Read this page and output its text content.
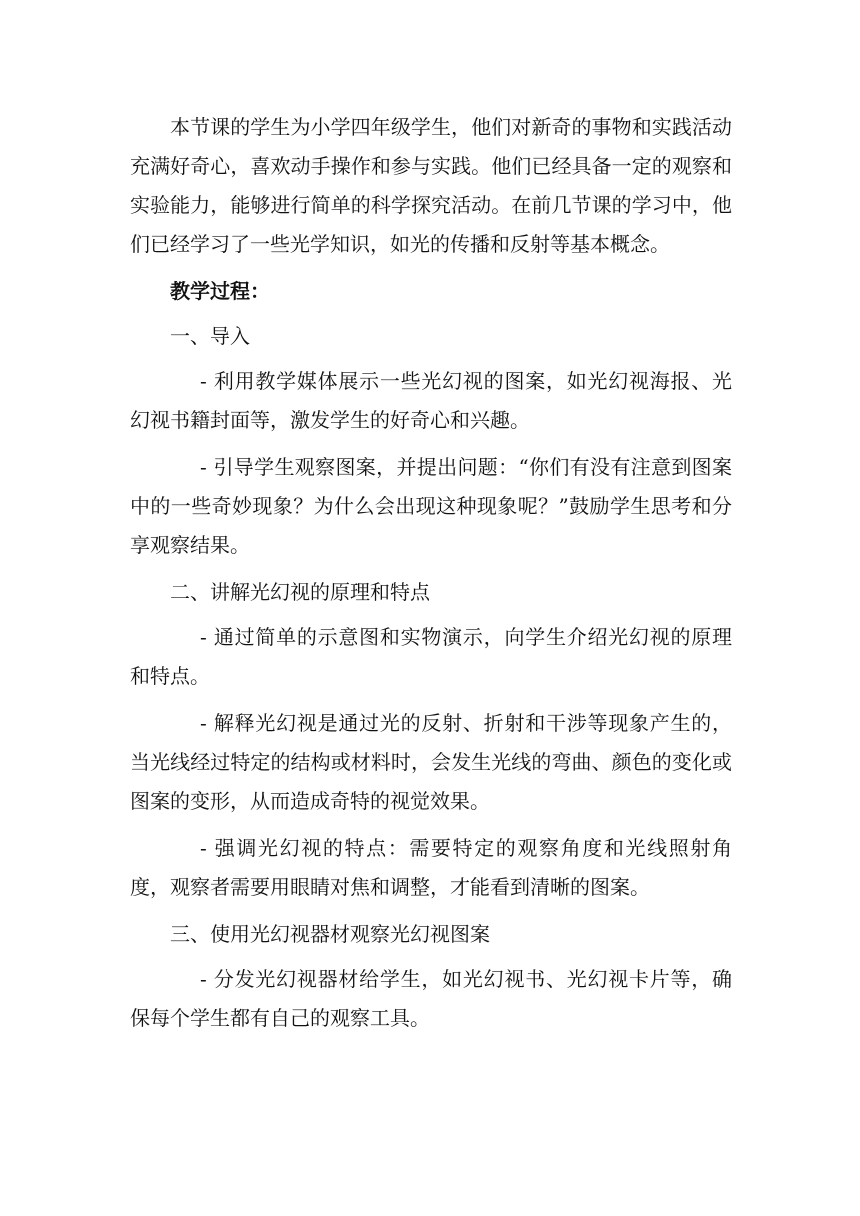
本节课的学生为小学四年级学生，他们对新奇的事物和实践活动充满好奇心，喜欢动手操作和参与实践。他们已经具备一定的观察和实验能力，能够进行简单的科学探究活动。在前几节课的学习中，他们已经学习了一些光学知识，如光的传播和反射等基本概念。

教学过程：

一、导入

- 利用教学媒体展示一些光幻视的图案，如光幻视海报、光幻视书籍封面等，激发学生的好奇心和兴趣。

- 引导学生观察图案，并提出问题：“你们有没有注意到图案中的一些奇妙现象？为什么会出现这种现象呢？”鼓励学生思考和分享观察结果。

二、讲解光幻视的原理和特点

- 通过简单的示意图和实物演示，向学生介绍光幻视的原理和特点。

- 解释光幻视是通过光的反射、折射和干涉等现象产生的，当光线经过特定的结构或材料时，会发生光线的弯曲、颜色的变化或图案的变形，从而造成奇特的视觉效果。

- 强调光幻视的特点：需要特定的观察角度和光线照射角度，观察者需要用眼睛对焦和调整，才能看到清晰的图案。

三、使用光幻视器材观察光幻视图案

- 分发光幻视器材给学生，如光幻视书、光幻视卡片等，确保每个学生都有自己的观察工具。
